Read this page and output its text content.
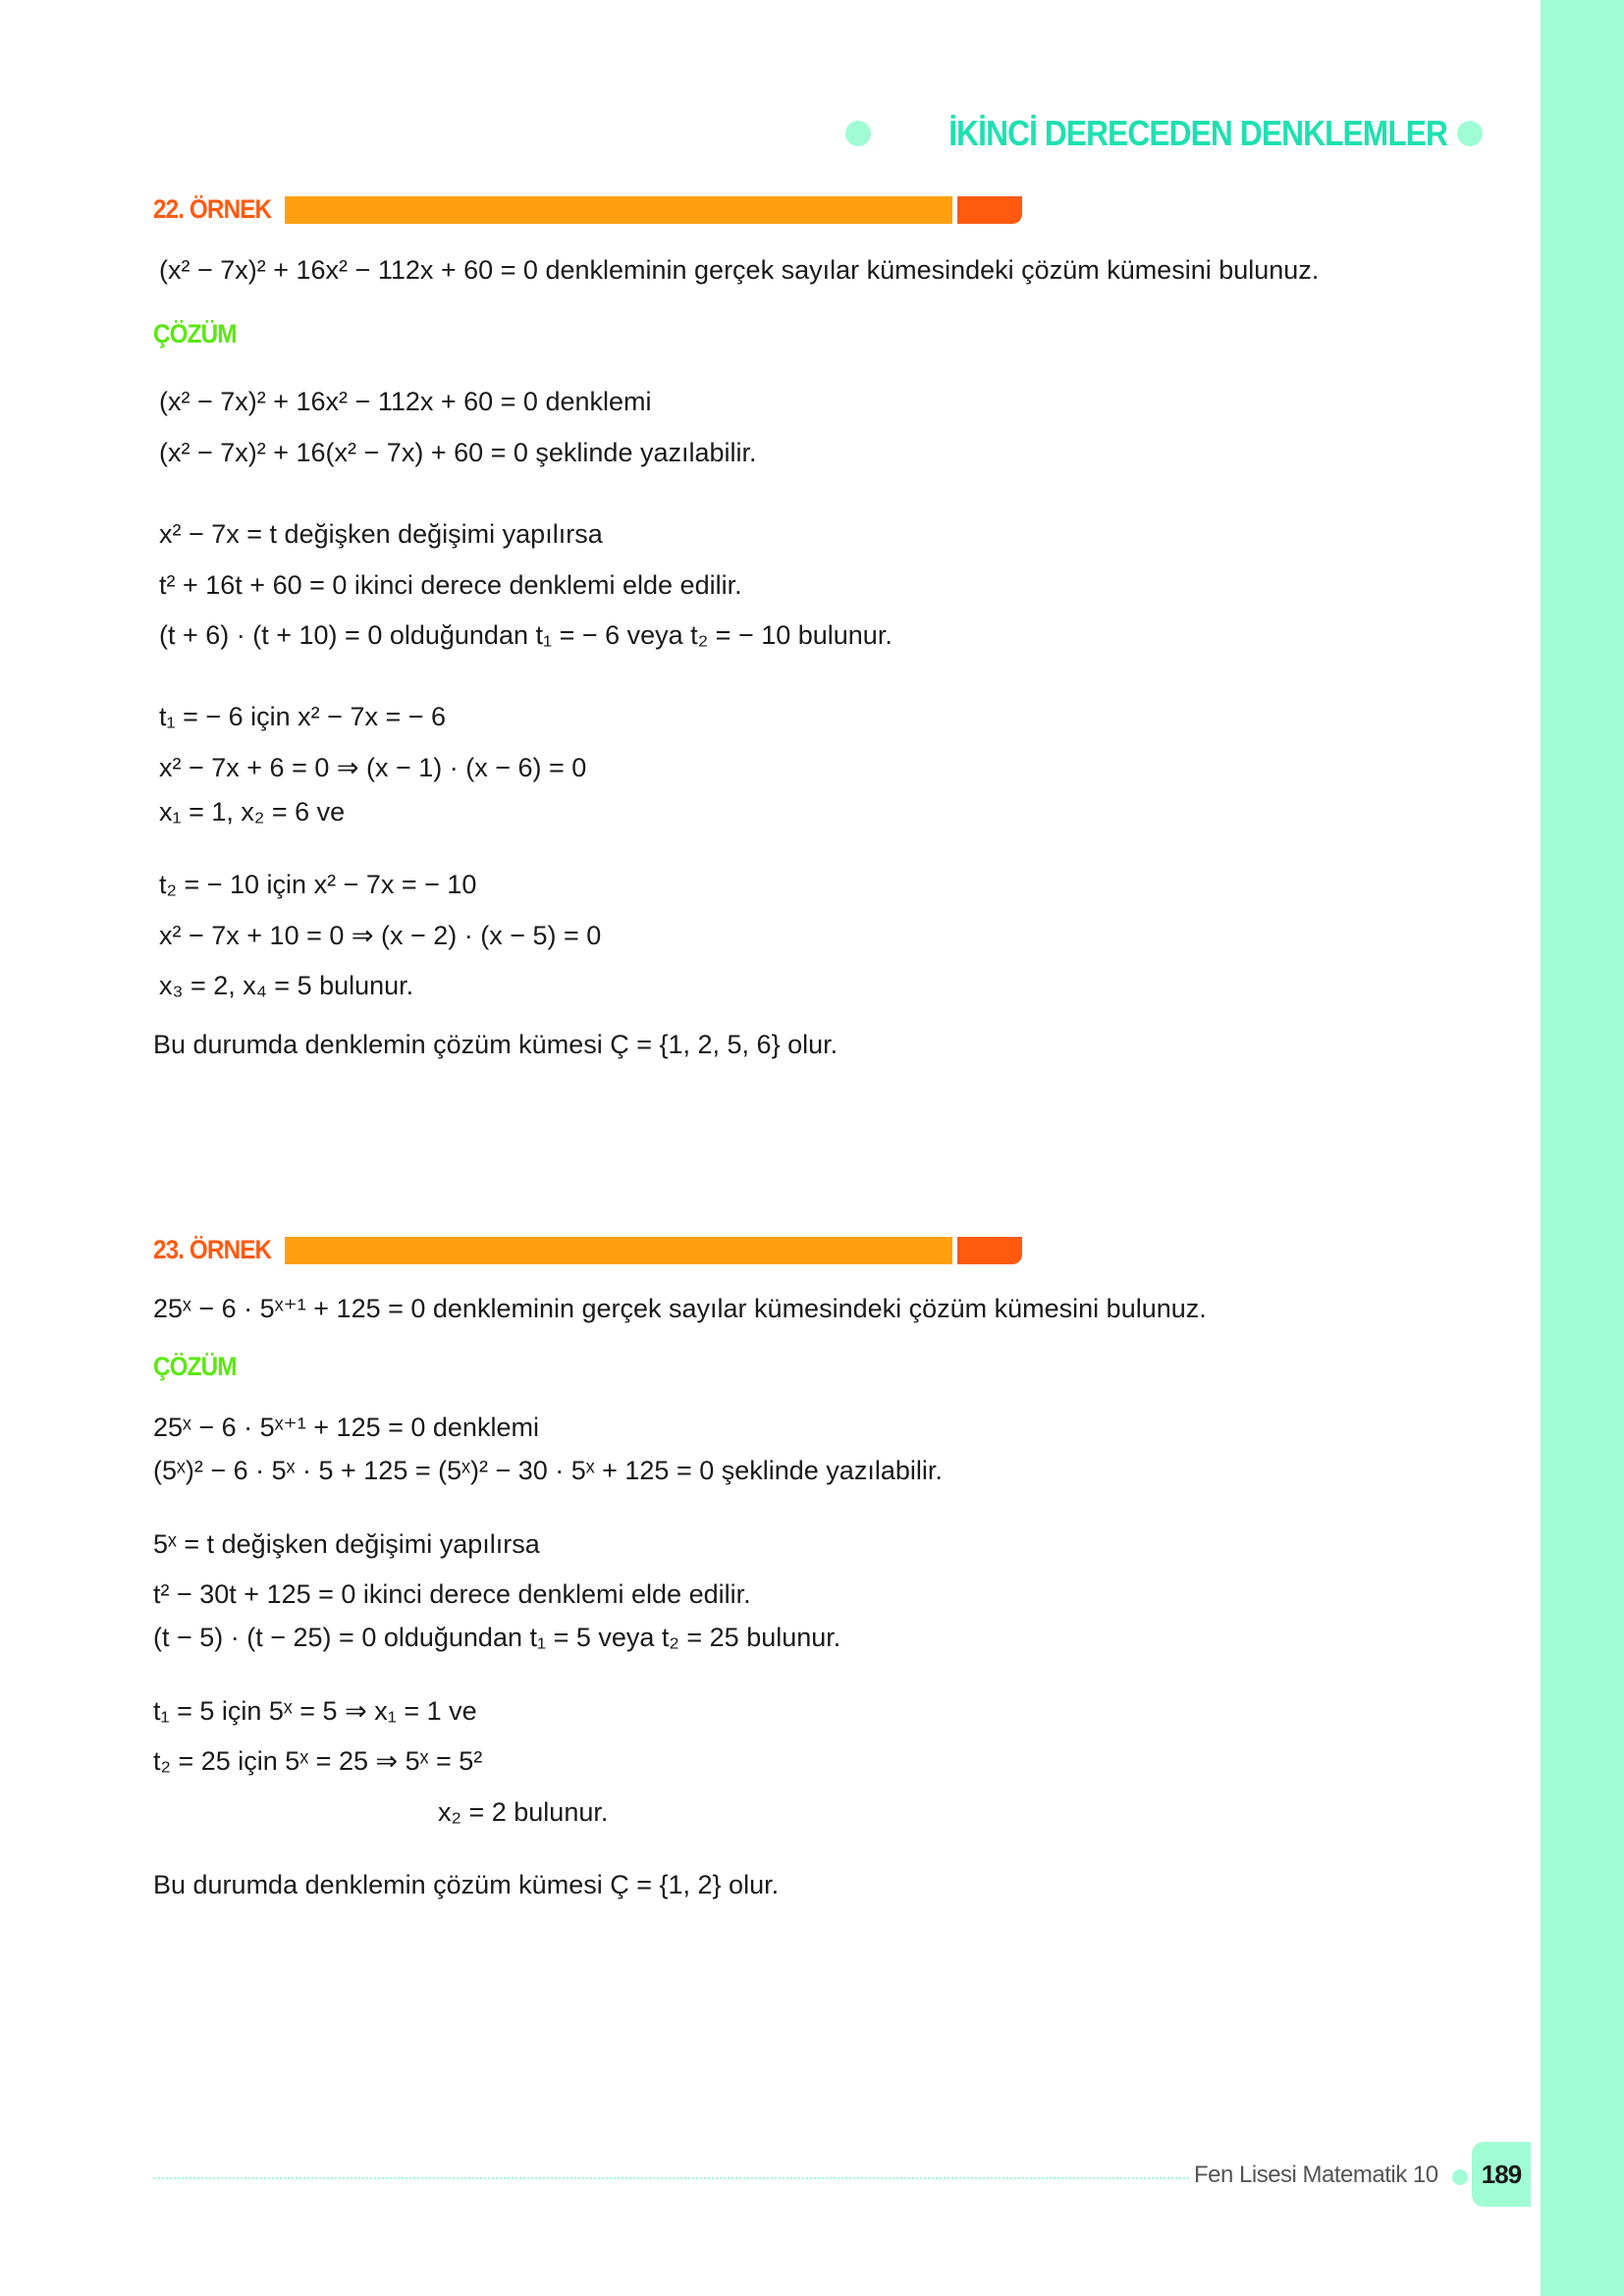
İKİNCİ DERECEDEN DENKLEMLER
22. ÖRNEK
(x² − 7x)² + 16x² − 112x + 60 = 0 denkleminin gerçek sayılar kümesindeki çözüm kümesini bulunuz.
ÇÖZÜM
(x² − 7x)² + 16x² − 112x + 60 = 0 denklemi
(x² − 7x)² + 16(x² − 7x) + 60 = 0 şeklinde yazılabilir.
x² − 7x = t değişken değişimi yapılırsa
t² + 16t + 60 = 0 ikinci derece denklemi elde edilir.
(t + 6) · (t + 10) = 0 olduğundan t₁ = − 6 veya t₂ = − 10 bulunur.
t₁ = − 6 için x² − 7x = − 6
x² − 7x + 6 = 0 ⇒ (x − 1) · (x − 6) = 0
x₁ = 1, x₂ = 6 ve
t₂ = − 10 için x² − 7x = − 10
x² − 7x + 10 = 0 ⇒ (x − 2) · (x − 5) = 0
x₃ = 2, x₄ = 5 bulunur.
Bu durumda denklemin çözüm kümesi Ç = {1, 2, 5, 6} olur.
23. ÖRNEK
25ˣ − 6 · 5ˣ⁺¹ + 125 = 0 denkleminin gerçek sayılar kümesindeki çözüm kümesini bulunuz.
ÇÖZÜM
25ˣ − 6 · 5ˣ⁺¹ + 125 = 0 denklemi
(5ˣ)² − 6 · 5ˣ · 5 + 125 = (5ˣ)² − 30 · 5ˣ + 125 = 0 şeklinde yazılabilir.
5ˣ = t değişken değişimi yapılırsa
t² − 30t + 125 = 0 ikinci derece denklemi elde edilir.
(t − 5) · (t − 25) = 0 olduğundan t₁ = 5 veya t₂ = 25 bulunur.
t₁ = 5 için 5ˣ = 5 ⇒ x₁ = 1 ve
t₂ = 25 için 5ˣ = 25 ⇒ 5ˣ = 5²
x₂ = 2 bulunur.
Bu durumda denklemin çözüm kümesi Ç = {1, 2} olur.
Fen Lisesi Matematik 10	189
